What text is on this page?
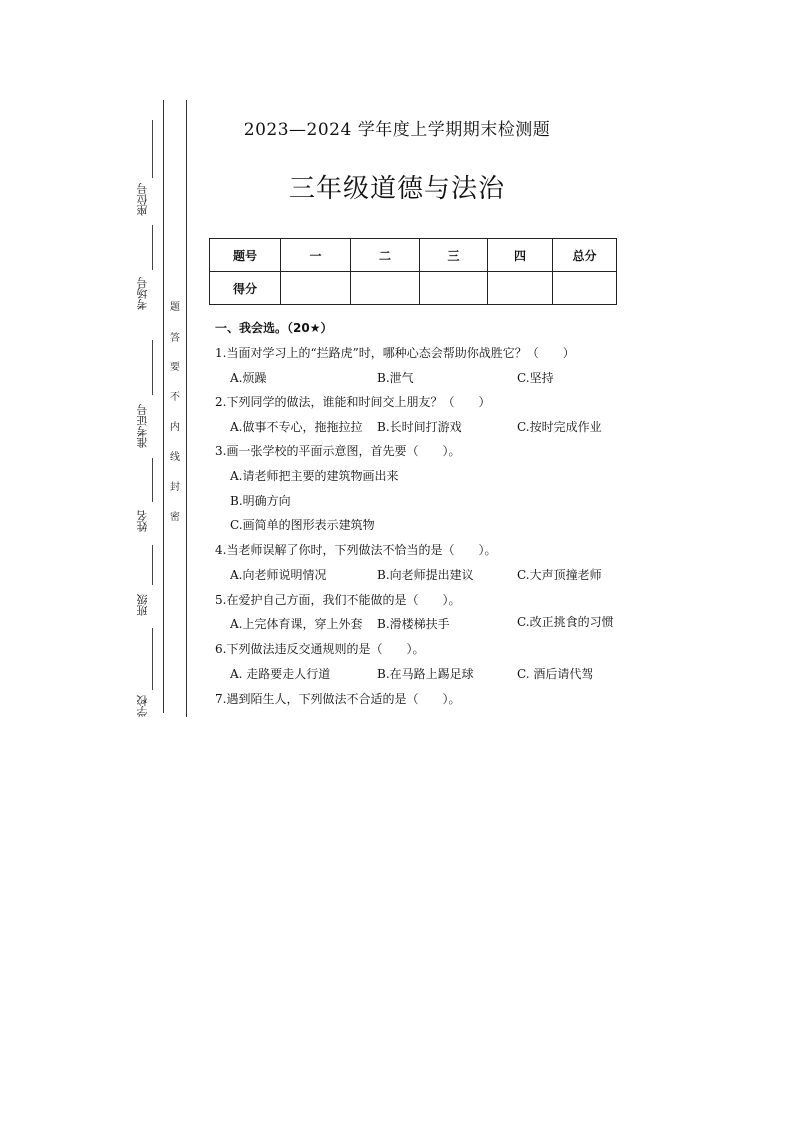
座位号
考场号
准考证号
姓名
班级
学校
题
答
要
不
内
线
封
密
2023—2024 学年度上学期期末检测题
三年级道德与法治
题号	一	二	三	四	总分
得分					
一、我会选。（20★）
1.当面对学习上的“拦路虎”时，哪种心态会帮助你战胜它？（　　）
A.烦躁	B.泄气	C.坚持
2.下列同学的做法，谁能和时间交上朋友？（　　）
A.做事不专心，拖拖拉拉 B.长时间打游戏	C.按时完成作业
3.画一张学校的平面示意图，首先要（　　）。
A.请老师把主要的建筑物画出来
B.明确方向
C.画简单的图形表示建筑物
4.当老师误解了你时，下列做法不恰当的是（　　）。
A.向老师说明情况	B.向老师提出建议	C.大声顶撞老师
5.在爱护自己方面，我们不能做的是（　　）。
A.上完体育课，穿上外套 B.滑楼梯扶手	C.改正挑食的习惯
6.下列做法违反交通规则的是（　　）。
A. 走路要走人行道	B.在马路上踢足球	C. 酒后请代驾
7.遇到陌生人，下列做法不合适的是（　　）。
